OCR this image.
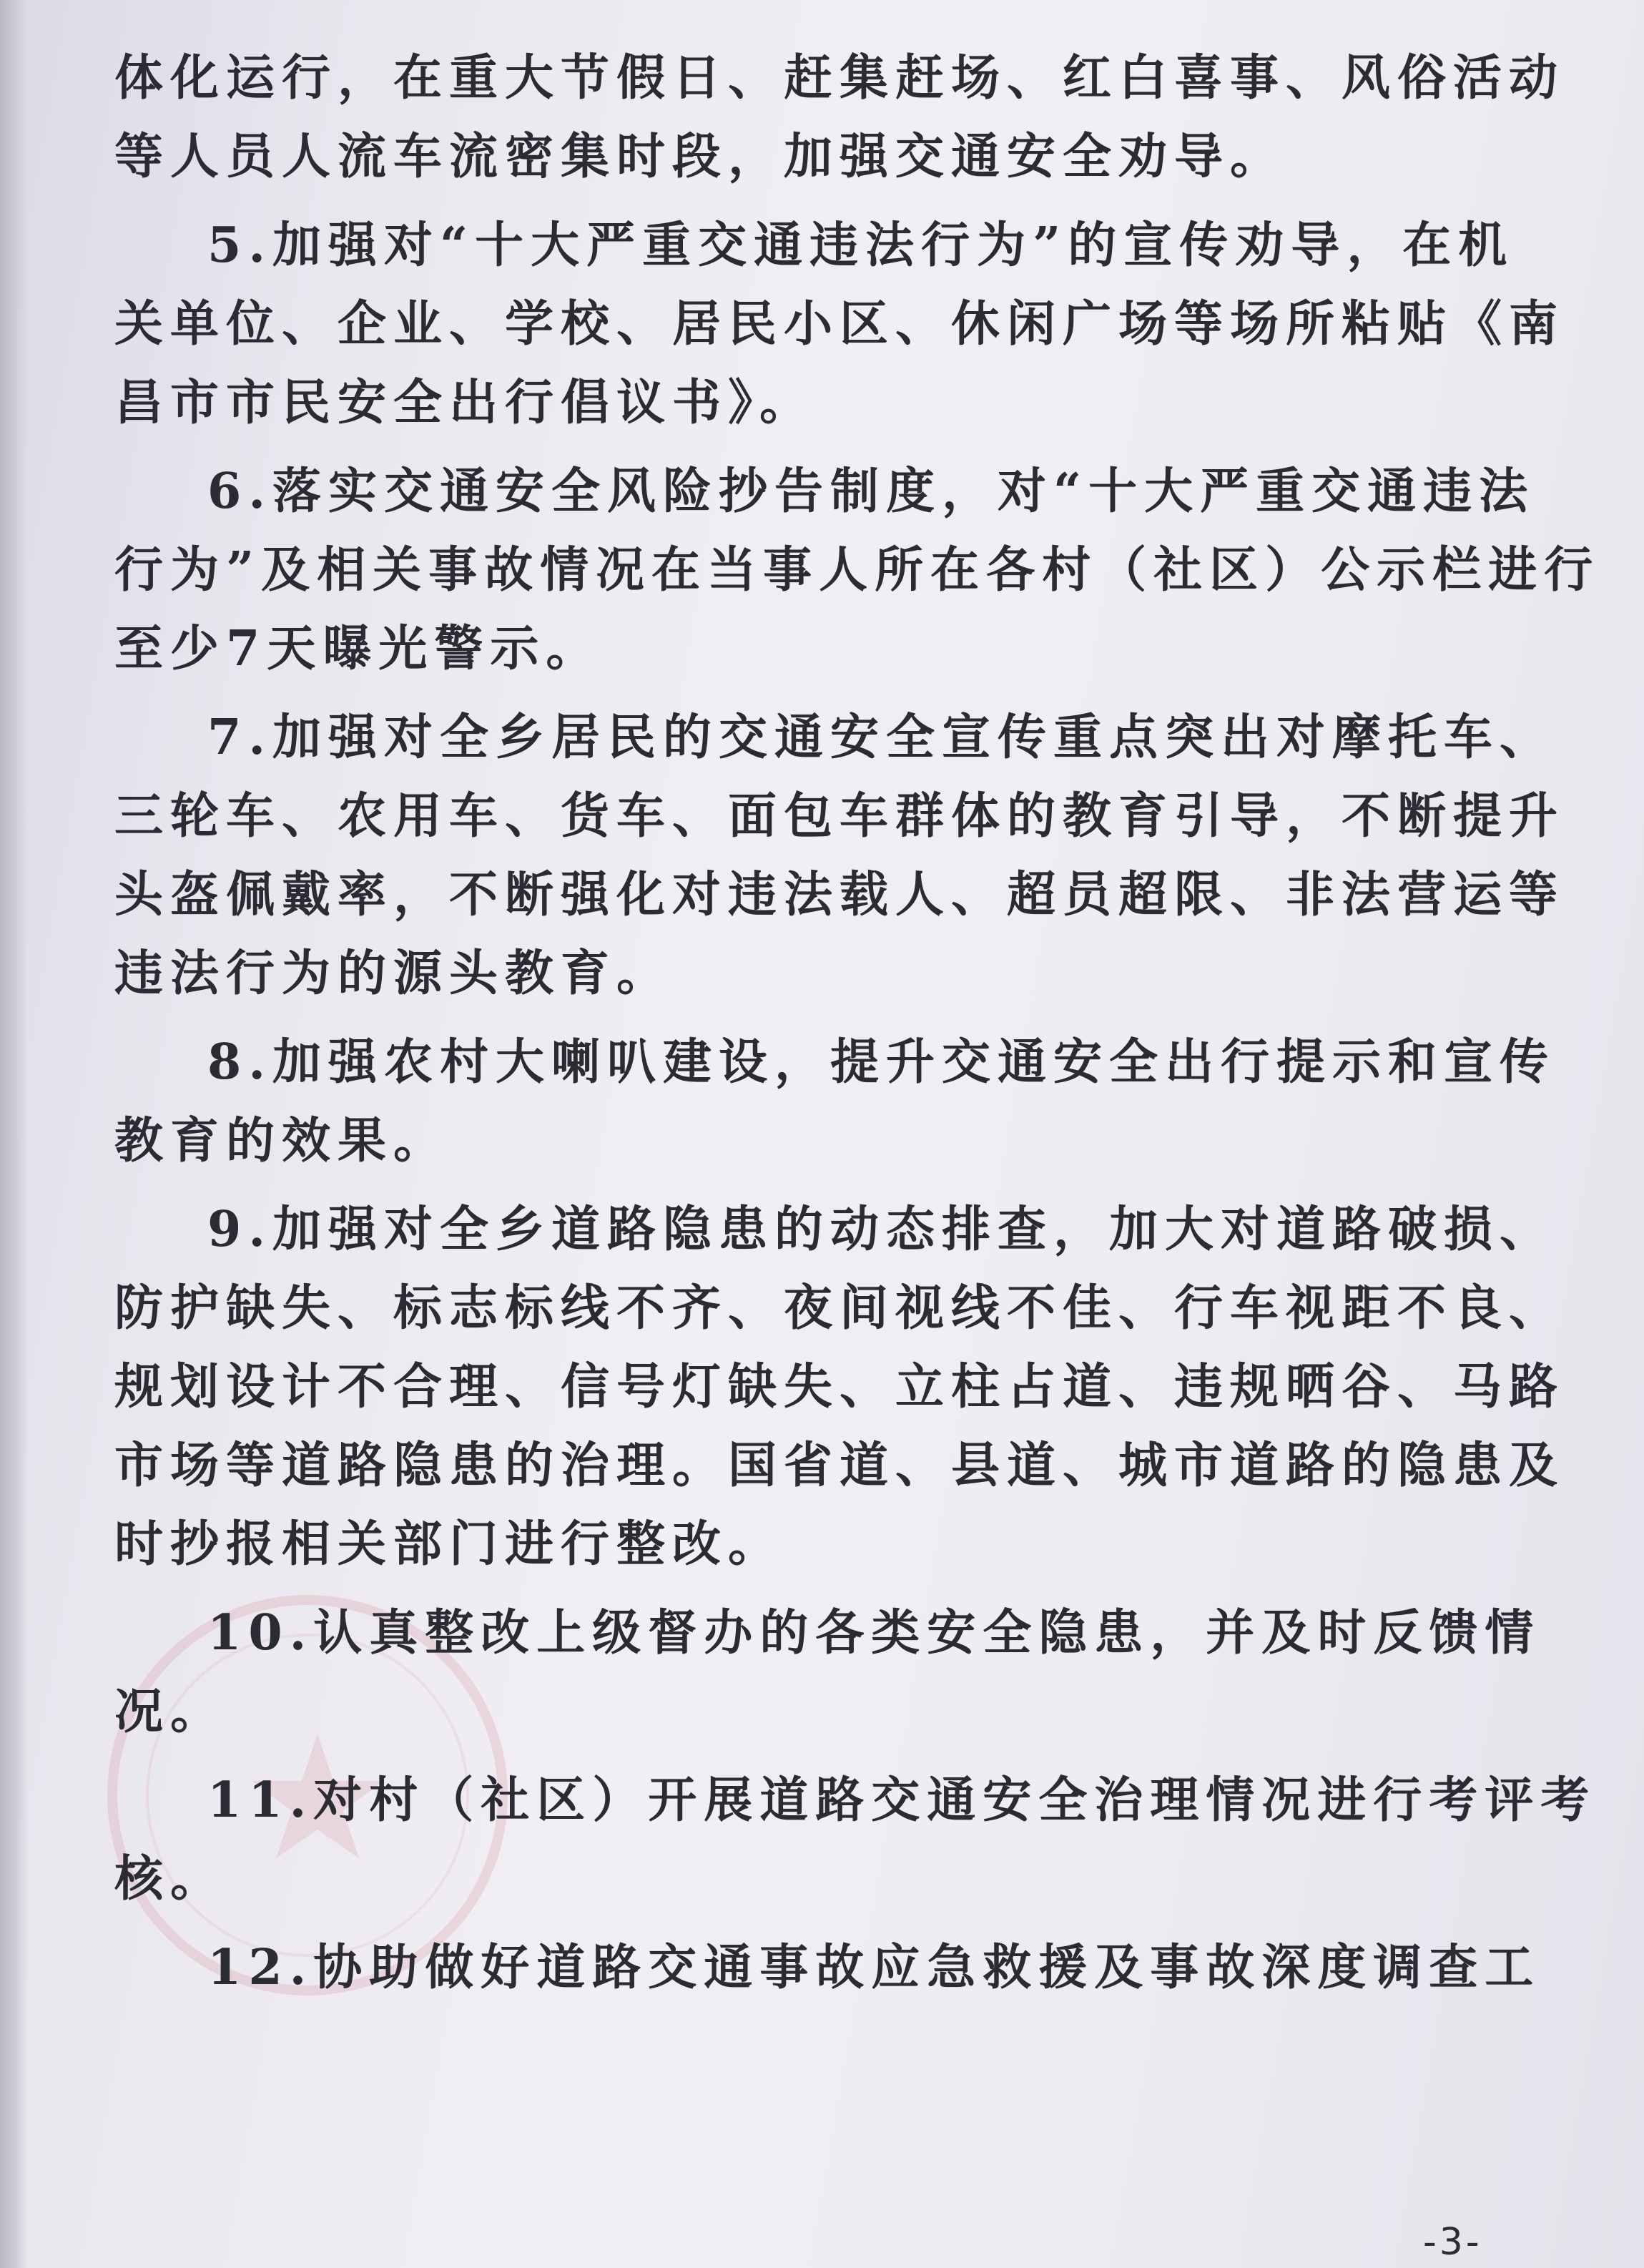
体化运行，在重大节假日、赶集赶场、红白喜事、风俗活动
等人员人流车流密集时段，加强交通安全劝导。
5.加强对“十大严重交通违法行为”的宣传劝导，在机
关单位、企业、学校、居民小区、休闲广场等场所粘贴《南
昌市市民安全出行倡议书》。
6.落实交通安全风险抄告制度，对“十大严重交通违法
行为”及相关事故情况在当事人所在各村（社区）公示栏进行
至少7天曝光警示。
7.加强对全乡居民的交通安全宣传重点突出对摩托车、
三轮车、农用车、货车、面包车群体的教育引导，不断提升
头盔佩戴率，不断强化对违法载人、超员超限、非法营运等
违法行为的源头教育。
8.加强农村大喇叭建设，提升交通安全出行提示和宣传
教育的效果。
9.加强对全乡道路隐患的动态排查，加大对道路破损、
防护缺失、标志标线不齐、夜间视线不佳、行车视距不良、
规划设计不合理、信号灯缺失、立柱占道、违规晒谷、马路
市场等道路隐患的治理。国省道、县道、城市道路的隐患及
时抄报相关部门进行整改。
10.认真整改上级督办的各类安全隐患，并及时反馈情
况。
11.对村（社区）开展道路交通安全治理情况进行考评考
核。
12.协助做好道路交通事故应急救援及事故深度调查工
-3-
